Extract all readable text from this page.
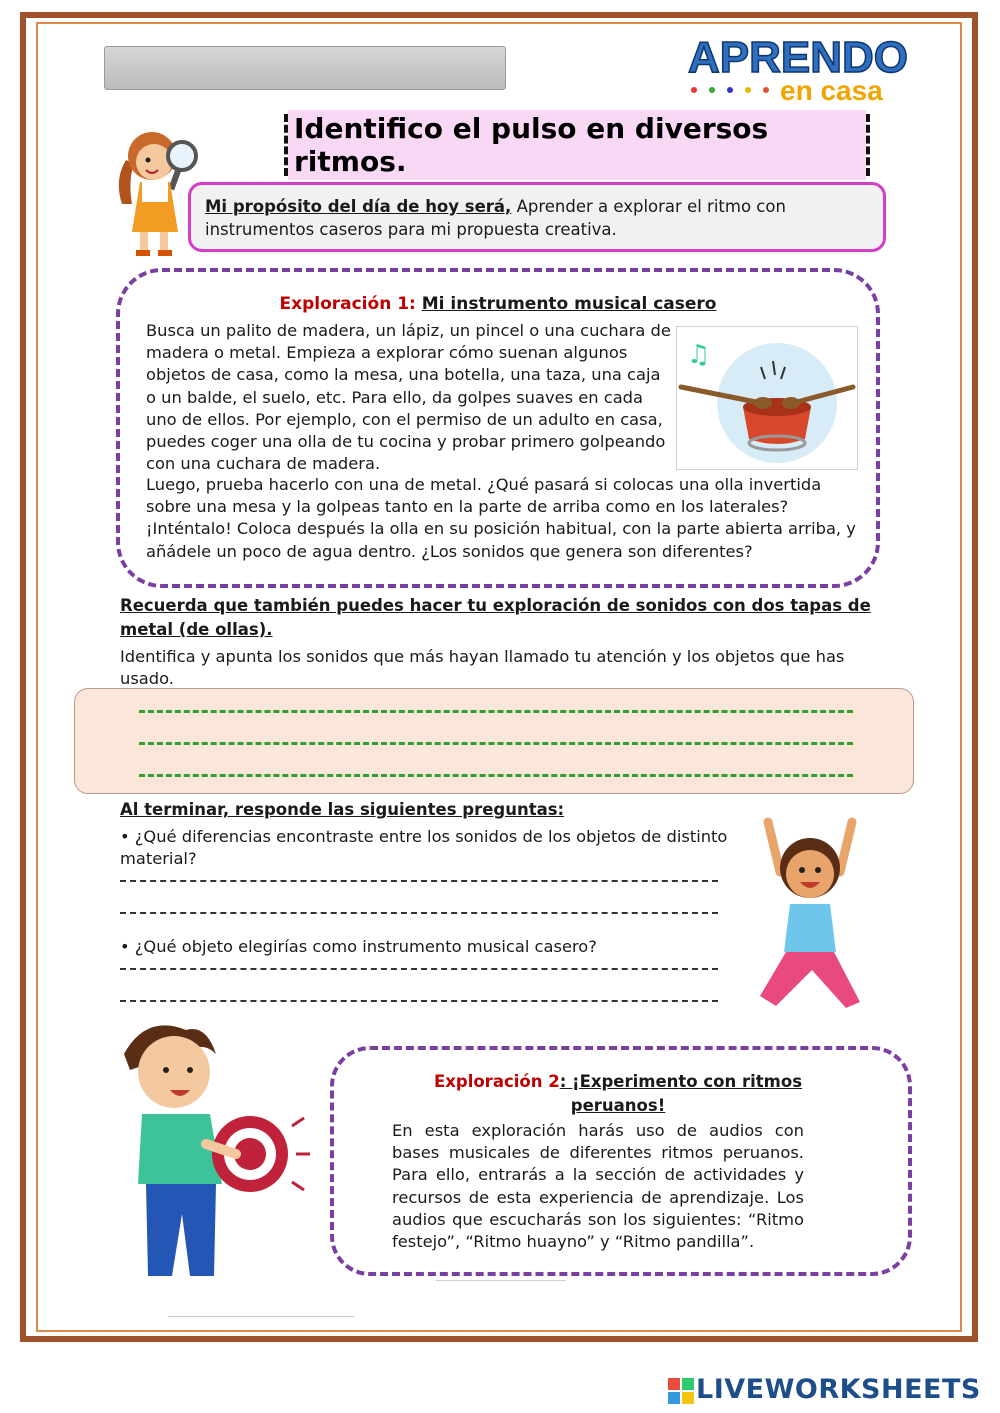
APRENDO
en casa
Identifico el pulso en diversos ritmos.
Mi propósito del día de hoy será, Aprender a explorar el ritmo con instrumentos caseros para mi propuesta creativa.
Exploración 1: Mi instrumento musical casero
Busca un palito de madera, un lápiz, un pincel o una cuchara de madera o metal. Empieza a explorar cómo suenan algunos objetos de casa, como la mesa, una botella, una taza, una caja o un balde, el suelo, etc. Para ello, da golpes suaves en cada uno de ellos. Por ejemplo, con el permiso de un adulto en casa, puedes coger una olla de tu cocina y probar primero golpeando con una cuchara de madera.
♫
Luego, prueba hacerlo con una de metal. ¿Qué pasará si colocas una olla invertida sobre una mesa y la golpeas tanto en la parte de arriba como en los laterales? ¡Inténtalo! Coloca después la olla en su posición habitual, con la parte abierta arriba, y añádele un poco de agua dentro. ¿Los sonidos que genera son diferentes?
Recuerda que también puedes hacer tu exploración de sonidos con dos tapas de metal (de ollas).
Identifica y apunta los sonidos que más hayan llamado tu atención y los objetos que has usado.
Al terminar, responde las siguientes preguntas:
• ¿Qué diferencias encontraste entre los sonidos de los objetos de distinto material?
• ¿Qué objeto elegirías como instrumento musical casero?
Exploración 2: ¡Experimento con ritmos peruanos!
En esta exploración harás uso de audios con bases musicales de diferentes ritmos peruanos. Para ello, entrarás a la sección de actividades y recursos de esta experiencia de aprendizaje. Los audios que escucharás son los siguientes: “Ritmo festejo”, “Ritmo huayno” y “Ritmo pandilla”.
LIVEWORKSHEETS
